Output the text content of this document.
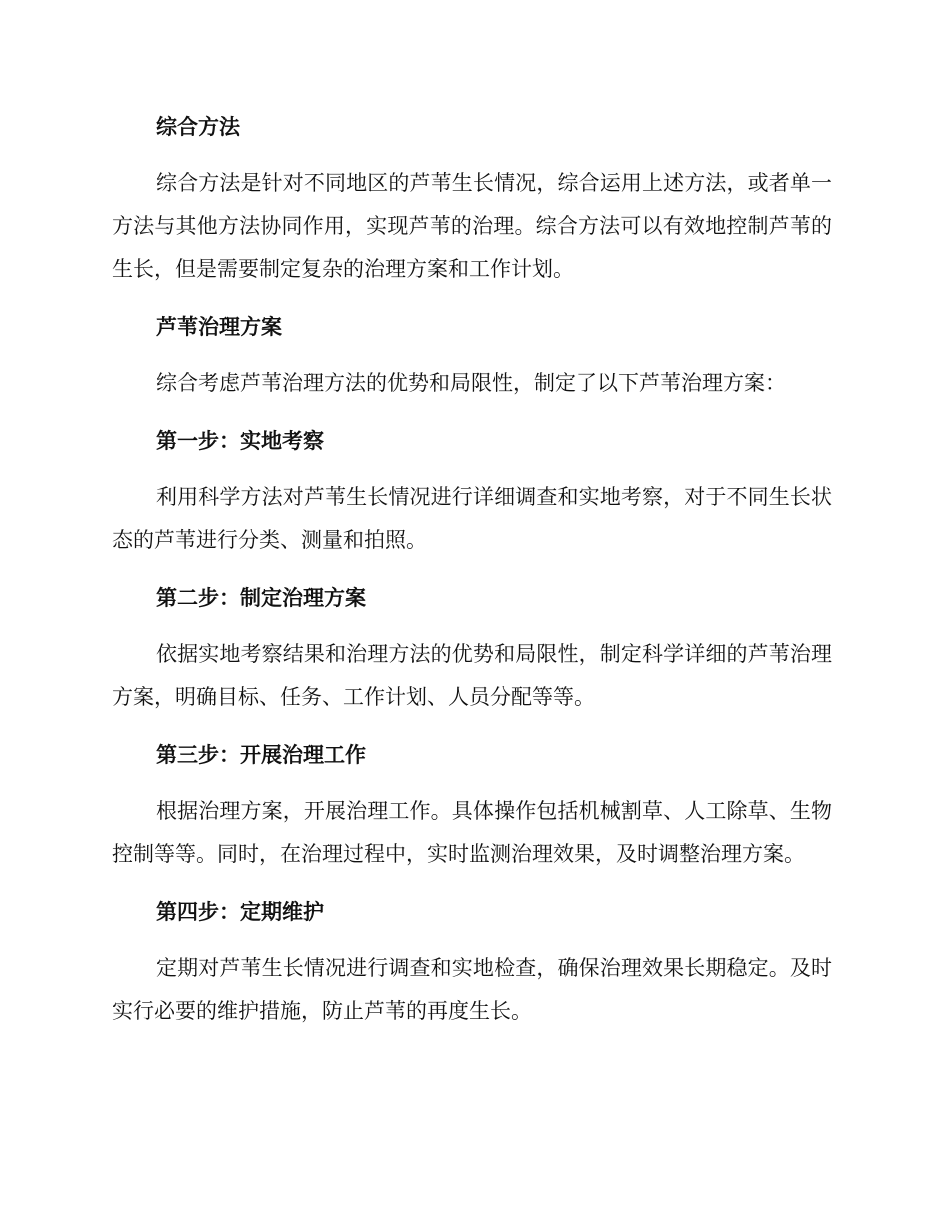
综合方法

综合方法是针对不同地区的芦苇生长情况，综合运用上述方法，或者单一方法与其他方法协同作用，实现芦苇的治理。综合方法可以有效地控制芦苇的生长，但是需要制定复杂的治理方案和工作计划。

芦苇治理方案

综合考虑芦苇治理方法的优势和局限性，制定了以下芦苇治理方案：

第一步：实地考察

利用科学方法对芦苇生长情况进行详细调查和实地考察，对于不同生长状态的芦苇进行分类、测量和拍照。

第二步：制定治理方案

依据实地考察结果和治理方法的优势和局限性，制定科学详细的芦苇治理方案，明确目标、任务、工作计划、人员分配等等。

第三步：开展治理工作

根据治理方案，开展治理工作。具体操作包括机械割草、人工除草、生物控制等等。同时，在治理过程中，实时监测治理效果，及时调整治理方案。

第四步：定期维护

定期对芦苇生长情况进行调查和实地检查，确保治理效果长期稳定。及时实行必要的维护措施，防止芦苇的再度生长。
